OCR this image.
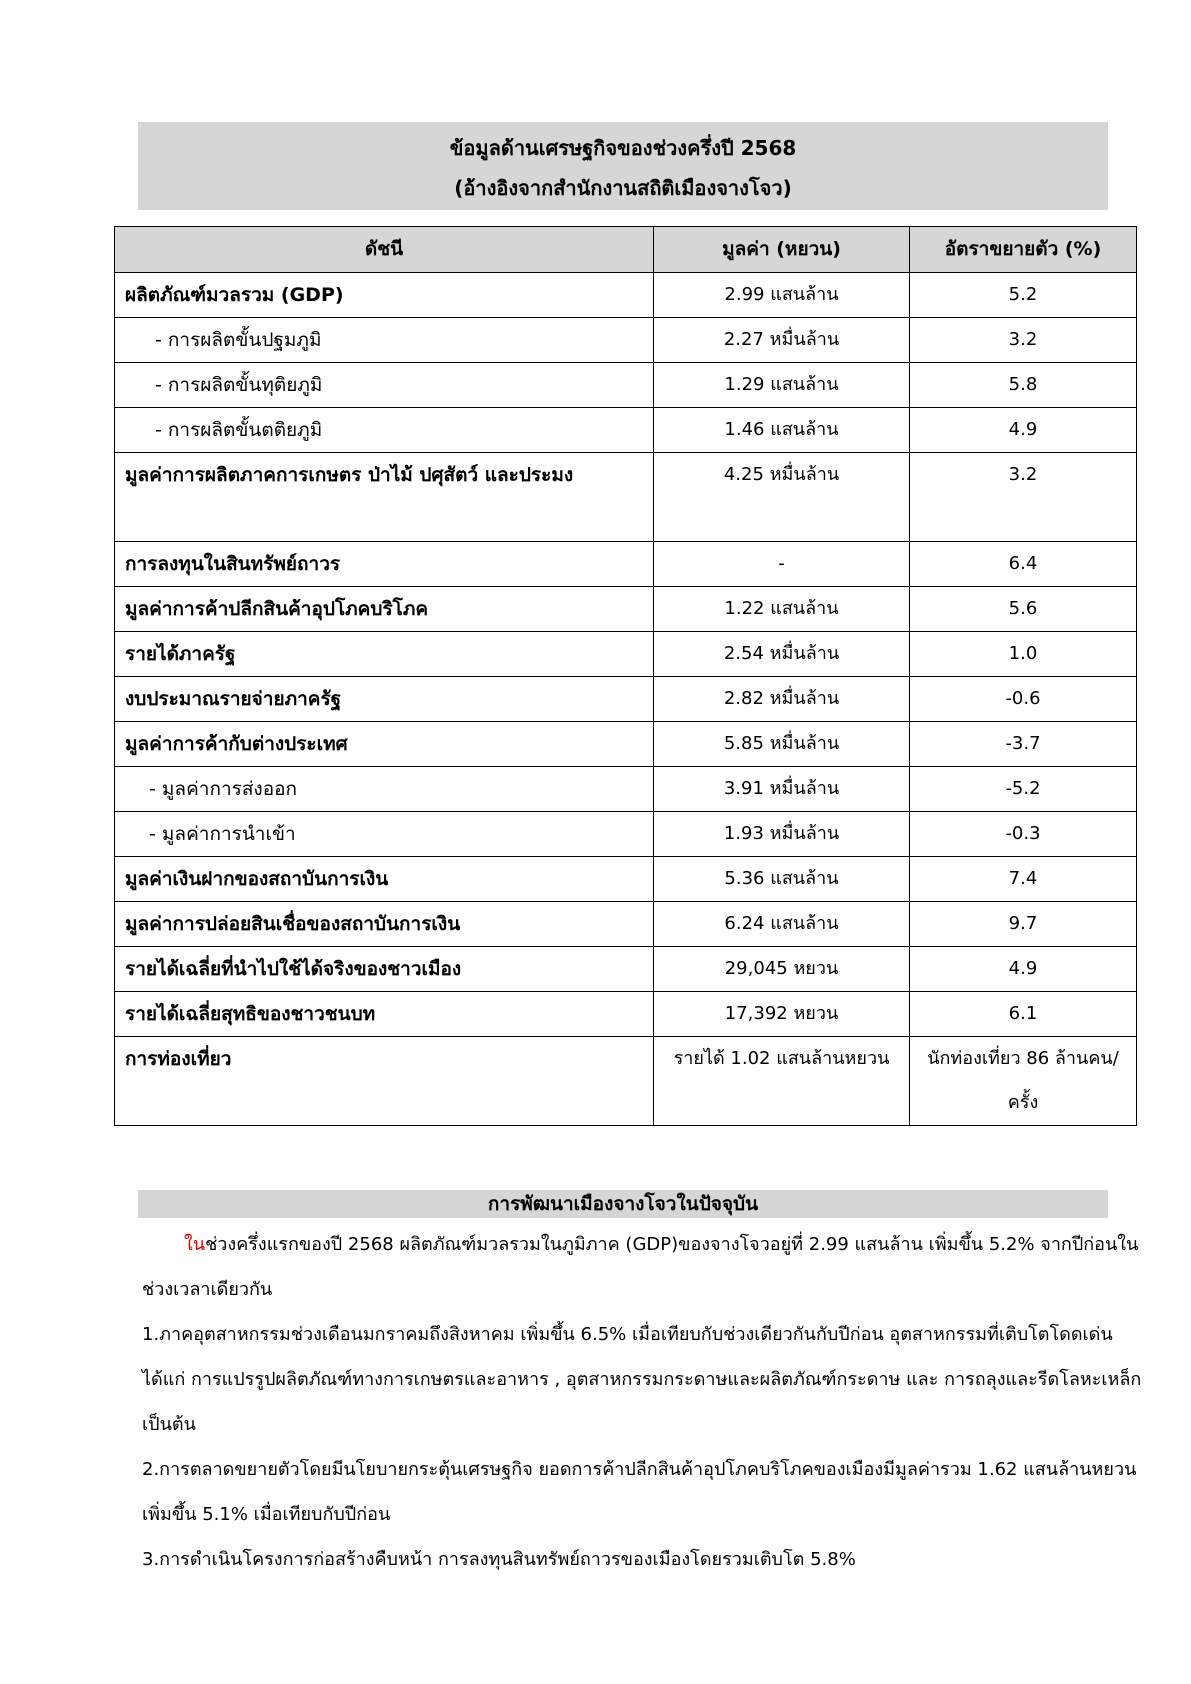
ข้อมูลด้านเศรษฐกิจของช่วงครึ่งปี 2568
(อ้างอิงจากสำนักงานสถิติเมืองจางโจว)
ดัชนี	มูลค่า (หยวน)	อัตราขยายตัว (%)
ผลิตภัณฑ์มวลรวม (GDP)	2.99 แสนล้าน	5.2
- การผลิตขั้นปฐมภูมิ	2.27 หมื่นล้าน	3.2
- การผลิตขั้นทุติยภูมิ	1.29 แสนล้าน	5.8
- การผลิตขั้นตติยภูมิ	1.46 แสนล้าน	4.9
มูลค่าการผลิตภาคการเกษตร ป่าไม้ ปศุสัตว์ และประมง	4.25 หมื่นล้าน	3.2
การลงทุนในสินทรัพย์ถาวร	-	6.4
มูลค่าการค้าปลีกสินค้าอุปโภคบริโภค	1.22 แสนล้าน	5.6
รายได้ภาครัฐ	2.54 หมื่นล้าน	1.0
งบประมาณรายจ่ายภาครัฐ	2.82 หมื่นล้าน	-0.6
มูลค่าการค้ากับต่างประเทศ	5.85 หมื่นล้าน	-3.7
- มูลค่าการส่งออก	3.91 หมื่นล้าน	-5.2
- มูลค่าการนำเข้า	1.93 หมื่นล้าน	-0.3
มูลค่าเงินฝากของสถาบันการเงิน	5.36 แสนล้าน	7.4
มูลค่าการปล่อยสินเชื่อของสถาบันการเงิน	6.24 แสนล้าน	9.7
รายได้เฉลี่ยที่นำไปใช้ได้จริงของชาวเมือง	29,045 หยวน	4.9
รายได้เฉลี่ยสุทธิของชาวชนบท	17,392 หยวน	6.1
การท่องเที่ยว	รายได้ 1.02 แสนล้านหยวน	นักท่องเที่ยว 86 ล้านคน/ครั้ง
การพัฒนาเมืองจางโจวในปัจจุบัน
ในช่วงครึ่งแรกของปี 2568 ผลิตภัณฑ์มวลรวมในภูมิภาค (GDP)ของจางโจวอยู่ที่ 2.99 แสนล้าน เพิ่มขึ้น 5.2% จากปีก่อนในช่วงเวลาเดียวกัน
1.ภาคอุตสาหกรรมช่วงเดือนมกราคมถึงสิงหาคม เพิ่มขึ้น 6.5% เมื่อเทียบกับช่วงเดียวกันกับปีก่อน อุตสาหกรรมที่เติบโตโดดเด่น ได้แก่ การแปรรูปผลิตภัณฑ์ทางการเกษตรและอาหาร , อุตสาหกรรมกระดาษและผลิตภัณฑ์กระดาษ และ การถลุงและรีดโลหะเหล็ก เป็นต้น
2.การตลาดขยายตัวโดยมีนโยบายกระตุ้นเศรษฐกิจ ยอดการค้าปลีกสินค้าอุปโภคบริโภคของเมืองมีมูลค่ารวม 1.62 แสนล้านหยวน เพิ่มขึ้น 5.1% เมื่อเทียบกับปีก่อน
3.การดำเนินโครงการก่อสร้างคืบหน้า การลงทุนสินทรัพย์ถาวรของเมืองโดยรวมเติบโต 5.8%
